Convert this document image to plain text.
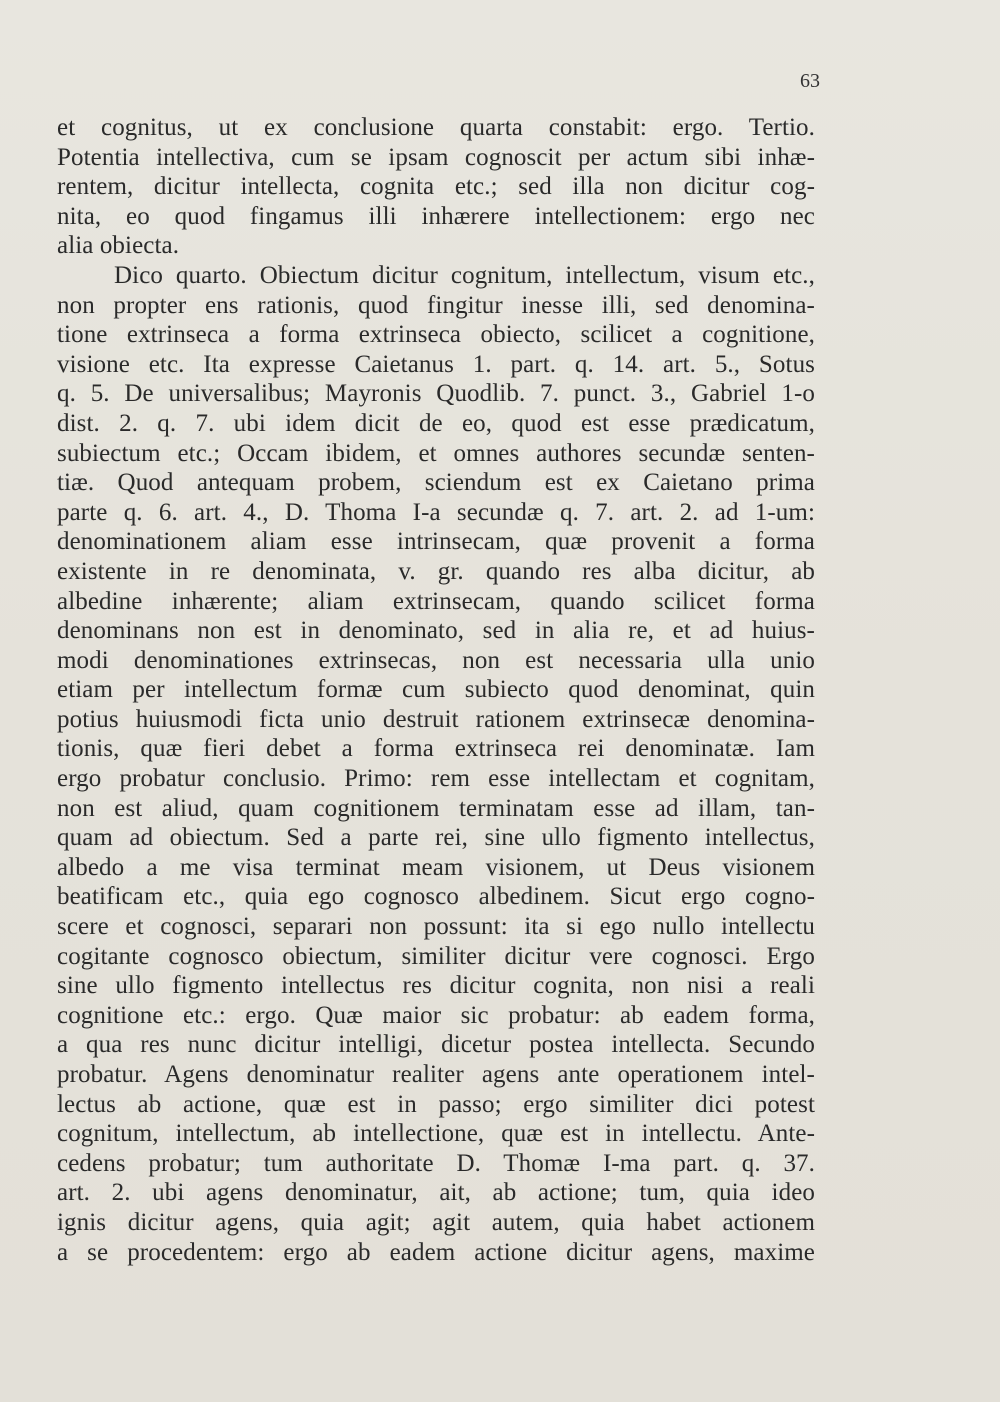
63
et cognitus, ut ex conclusione quarta constabit: ergo. Tertio.
Potentia intellectiva, cum se ipsam cognoscit per actum sibi inhæ-
rentem, dicitur intellecta, cognita etc.; sed illa non dicitur cog-
nita, eo quod fingamus illi inhærere intellectionem: ergo nec
alia obiecta.
Dico quarto. Obiectum dicitur cognitum, intellectum, visum etc.,
non propter ens rationis, quod fingitur inesse illi, sed denomina-
tione extrinseca a forma extrinseca obiecto, scilicet a cognitione,
visione etc. Ita expresse Caietanus 1. part. q. 14. art. 5., Sotus
q. 5. De universalibus; Mayronis Quodlib. 7. punct. 3., Gabriel 1-o
dist. 2. q. 7. ubi idem dicit de eo, quod est esse prædicatum,
subiectum etc.; Occam ibidem, et omnes authores secundæ senten-
tiæ. Quod antequam probem, sciendum est ex Caietano prima
parte q. 6. art. 4., D. Thoma I-a secundæ q. 7. art. 2. ad 1-um:
denominationem aliam esse intrinsecam, quæ provenit a forma
existente in re denominata, v. gr. quando res alba dicitur, ab
albedine inhærente; aliam extrinsecam, quando scilicet forma
denominans non est in denominato, sed in alia re, et ad huius-
modi denominationes extrinsecas, non est necessaria ulla unio
etiam per intellectum formæ cum subiecto quod denominat, quin
potius huiusmodi ficta unio destruit rationem extrinsecæ denomina-
tionis, quæ fieri debet a forma extrinseca rei denominatæ. Iam
ergo probatur conclusio. Primo: rem esse intellectam et cognitam,
non est aliud, quam cognitionem terminatam esse ad illam, tan-
quam ad obiectum. Sed a parte rei, sine ullo figmento intellectus,
albedo a me visa terminat meam visionem, ut Deus visionem
beatificam etc., quia ego cognosco albedinem. Sicut ergo cogno-
scere et cognosci, separari non possunt: ita si ego nullo intellectu
cogitante cognosco obiectum, similiter dicitur vere cognosci. Ergo
sine ullo figmento intellectus res dicitur cognita, non nisi a reali
cognitione etc.: ergo. Quæ maior sic probatur: ab eadem forma,
a qua res nunc dicitur intelligi, dicetur postea intellecta. Secundo
probatur. Agens denominatur realiter agens ante operationem intel-
lectus ab actione, quæ est in passo; ergo similiter dici potest
cognitum, intellectum, ab intellectione, quæ est in intellectu. Ante-
cedens probatur; tum authoritate D. Thomæ I-ma part. q. 37.
art. 2. ubi agens denominatur, ait, ab actione; tum, quia ideo
ignis dicitur agens, quia agit; agit autem, quia habet actionem
a se procedentem: ergo ab eadem actione dicitur agens, maxime
